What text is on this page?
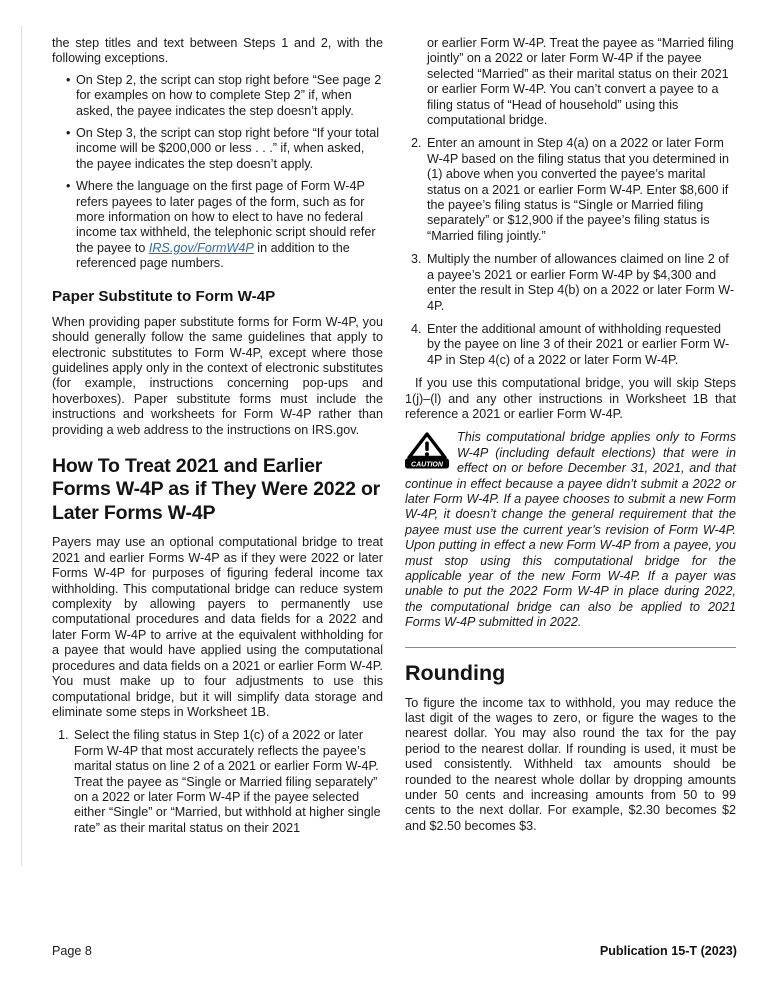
the step titles and text between Steps 1 and 2, with the following exceptions.

• On Step 2, the script can stop right before “See page 2 for examples on how to complete Step 2” if, when asked, the payee indicates the step doesn’t apply.
• On Step 3, the script can stop right before “If your total income will be $200,000 or less . . .” if, when asked, the payee indicates the step doesn’t apply.
• Where the language on the first page of Form W-4P refers payees to later pages of the form, such as for more information on how to elect to have no federal income tax withheld, the telephonic script should refer the payee to IRS.gov/FormW4P in addition to the referenced page numbers.
Paper Substitute to Form W-4P

When providing paper substitute forms for Form W-4P, you should generally follow the same guidelines that apply to electronic substitutes to Form W-4P, except where those guidelines apply only in the context of electronic substitutes (for example, instructions concerning pop-ups and hoverboxes). Paper substitute forms must include the instructions and worksheets for Form W-4P rather than providing a web address to the instructions on IRS.gov.

How To Treat 2021 and Earlier Forms W-4P as if They Were 2022 or Later Forms W-4P

Payers may use an optional computational bridge to treat 2021 and earlier Forms W-4P as if they were 2022 or later Forms W-4P for purposes of figuring federal income tax withholding. This computational bridge can reduce system complexity by allowing payers to permanently use computational procedures and data fields for a 2022 and later Form W-4P to arrive at the equivalent withholding for a payee that would have applied using the computational procedures and data fields on a 2021 or earlier Form W-4P. You must make up to four adjustments to use this computational bridge, but it will simplify data storage and eliminate some steps in Worksheet 1B.

1. Select the filing status in Step 1(c) of a 2022 or later Form W-4P that most accurately reflects the payee’s marital status on line 2 of a 2021 or earlier Form W-4P. Treat the payee as “Single or Married filing separately” on a 2022 or later Form W-4P if the payee selected either “Single” or “Married, but withhold at higher single rate” as their marital status on their 2021
or earlier Form W-4P. Treat the payee as “Married filing jointly” on a 2022 or later Form W-4P if the payee selected “Married” as their marital status on their 2021 or earlier Form W-4P. You can’t convert a payee to a filing status of “Head of household” using this computational bridge.
2. Enter an amount in Step 4(a) on a 2022 or later Form W-4P based on the filing status that you determined in (1) above when you converted the payee’s marital status on a 2021 or earlier Form W-4P. Enter $8,600 if the payee’s filing status is “Single or Married filing separately” or $12,900 if the payee’s filing status is “Married filing jointly.”
3. Multiply the number of allowances claimed on line 2 of a payee’s 2021 or earlier Form W-4P by $4,300 and enter the result in Step 4(b) on a 2022 or later Form W-4P.
4. Enter the additional amount of withholding requested by the payee on line 3 of their 2021 or earlier Form W-4P in Step 4(c) of a 2022 or later Form W-4P.

If you use this computational bridge, you will skip Steps 1(j)–(l) and any other instructions in Worksheet 1B that reference a 2021 or earlier Form W-4P.

CAUTION
This computational bridge applies only to Forms W-4P (including default elections) that were in effect on or before December 31, 2021, and that continue in effect because a payee didn’t submit a 2022 or later Form W-4P. If a payee chooses to submit a new Form W-4P, it doesn’t change the general requirement that the payee must use the current year’s revision of Form W-4P. Upon putting in effect a new Form W-4P from a payee, you must stop using this computational bridge for the applicable year of the new Form W-4P. If a payer was unable to put the 2022 Form W-4P in place during 2022, the computational bridge can also be applied to 2021 Forms W-4P submitted in 2022.
Rounding

To figure the income tax to withhold, you may reduce the last digit of the wages to zero, or figure the wages to the nearest dollar. You may also round the tax for the pay period to the nearest dollar. If rounding is used, it must be used consistently. Withheld tax amounts should be rounded to the nearest whole dollar by dropping amounts under 50 cents and increasing amounts from 50 to 99 cents to the next dollar. For example, $2.30 becomes $2 and $2.50 becomes $3.

Page 8	Publication 15-T (2023)
